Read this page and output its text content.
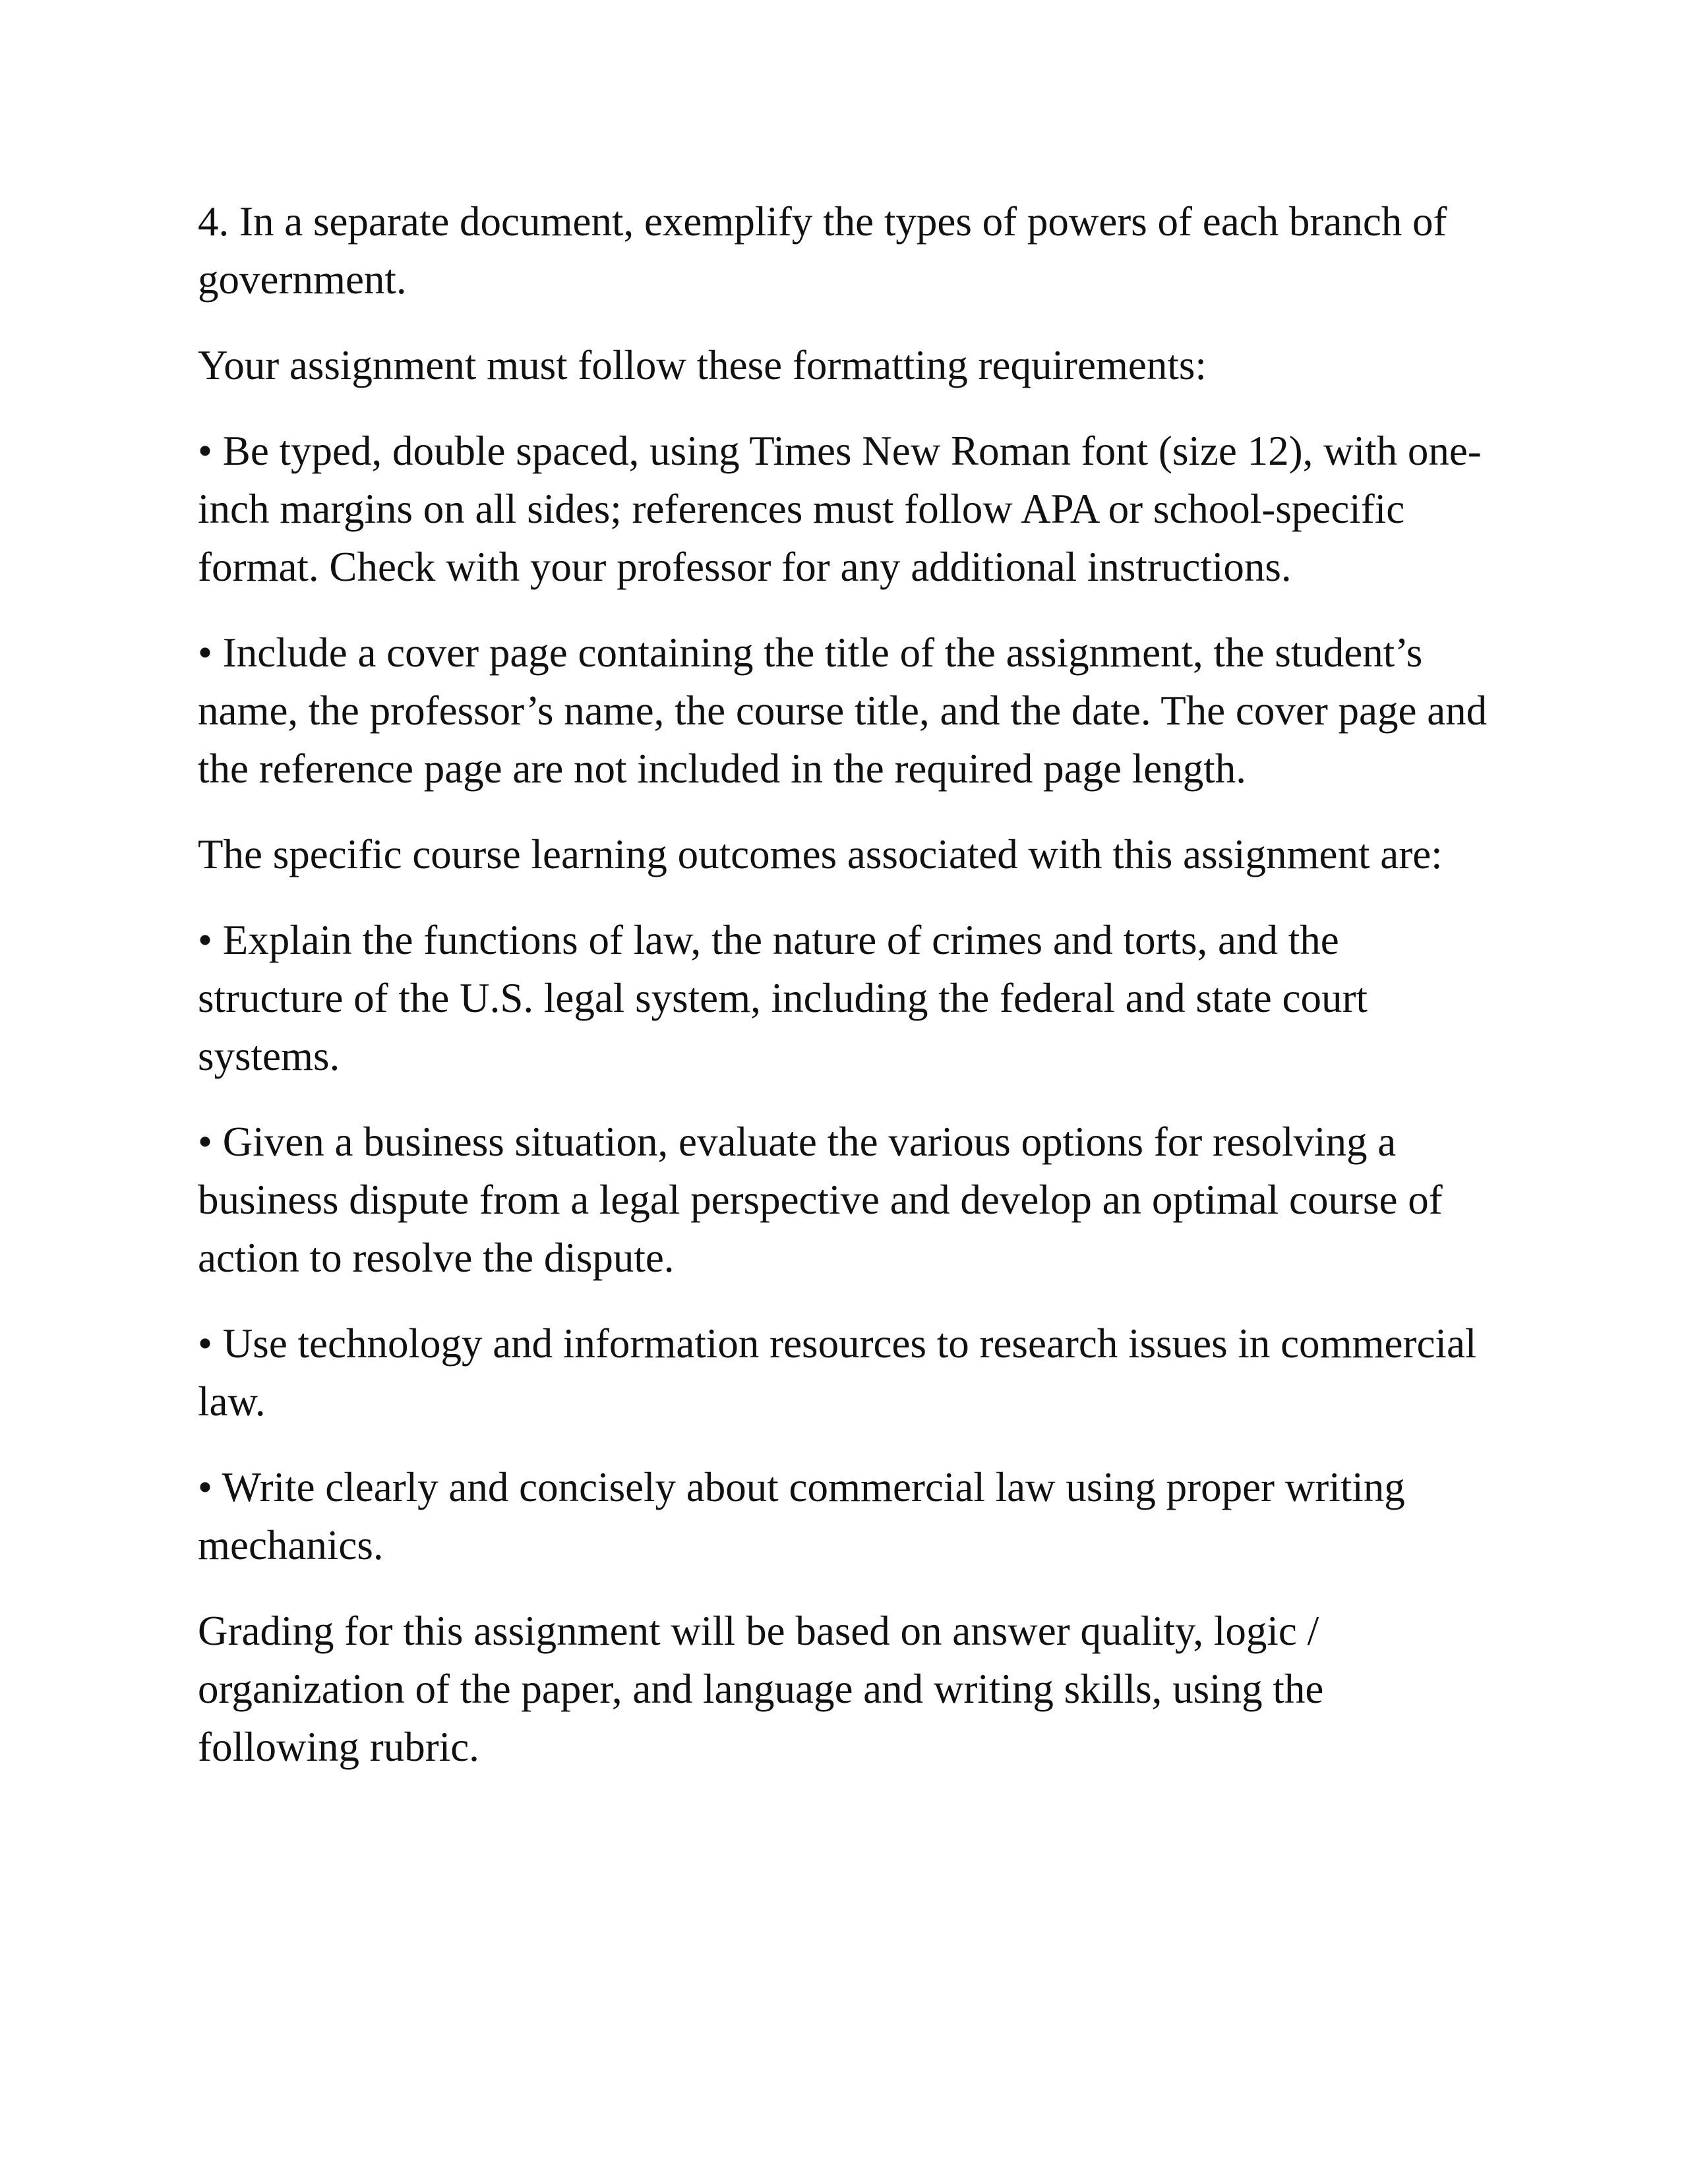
4. In a separate document, exemplify the types of powers of each branch of government.

Your assignment must follow these formatting requirements:

• Be typed, double spaced, using Times New Roman font (size 12), with one-inch margins on all sides; references must follow APA or school-specific format. Check with your professor for any additional instructions.

• Include a cover page containing the title of the assignment, the student’s name, the professor’s name, the course title, and the date. The cover page and the reference page are not included in the required page length.

The specific course learning outcomes associated with this assignment are:

• Explain the functions of law, the nature of crimes and torts, and the structure of the U.S. legal system, including the federal and state court systems.

• Given a business situation, evaluate the various options for resolving a business dispute from a legal perspective and develop an optimal course of action to resolve the dispute.

• Use technology and information resources to research issues in commercial law.

• Write clearly and concisely about commercial law using proper writing mechanics.

Grading for this assignment will be based on answer quality, logic / organization of the paper, and language and writing skills, using the following rubric.
